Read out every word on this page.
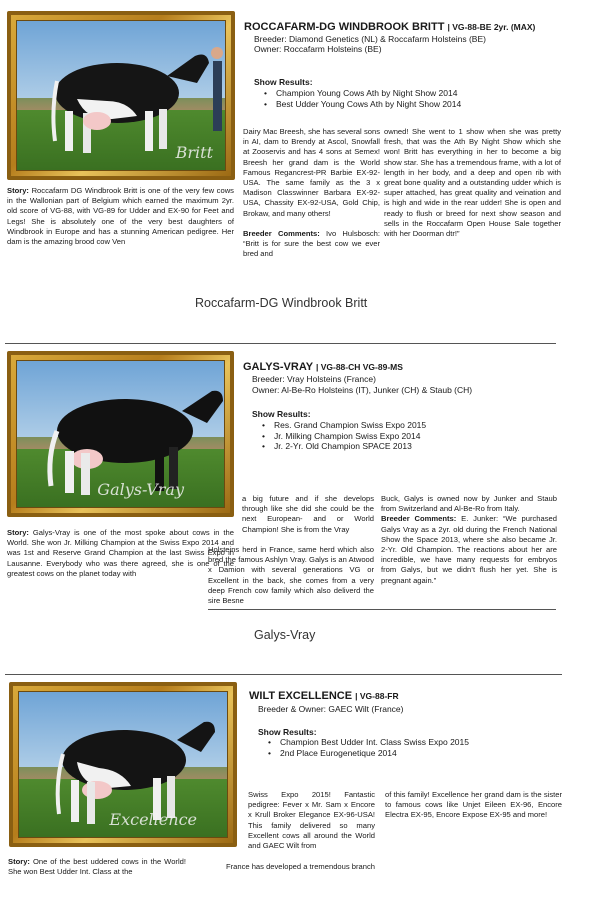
Britt
ROCCAFARM-DG WINDBROOK BRITT | VG-88-BE 2yr. (MAX)
Breeder: Diamond Genetics (NL) & Roccafarm Holsteins (BE)
Owner: Roccafarm Holsteins (BE)
Show Results:
• Champion Young Cows Ath by Night Show 2014
• Best Udder Young Cows Ath by Night Show 2014
Story: Roccafarm DG Windbrook Britt is one of the very few cows in the Wallonian part of Belgium which earned the maximum 2yr. old score of VG-88, with VG-89 for Udder and EX-90 for Feet and Legs! She is absolutely one of the very best daughters of Windbrook in Europe and has a stunning American pedigree. Her dam is the amazing brood cow Ven
Dairy Mac Breesh, she has several sons in AI, dam to Brendy at Ascol, Snowfall at Zooservis and has 4 sons at Semex! Breesh her grand dam is the World Famous Regancrest-PR Barbie EX-92-USA. The same family as the 3 x Madison Classwinner Barbara EX-92-USA, Chassity EX-92-USA, Gold Chip, Brokaw, and many others!

Breeder Comments: Ivo Hulsbosch: “Britt is for sure the best cow we ever bred and
owned! She went to 1 show when she was pretty fresh, that was the Ath By Night Show which she won! Britt has everything in her to become a big show star. She has a tremendous frame, with a lot of length in her body, and a deep and open rib with great bone quality and a outstanding udder which is super attached, has great quality and veination and is high and wide in the rear udder! She is open and ready to flush or breed for next show season and sells in the Roccafarm Open House Sale together with her Doorman dtr!”
Roccafarm-DG Windbrook Britt
Galys-Vray
GALYS-VRAY | VG-88-CH VG-89-MS
Breeder: Vray Holsteins (France)
Owner: Al-Be-Ro Holsteins (IT), Junker (CH) & Staub (CH)
Show Results:
• Res. Grand Champion Swiss Expo 2015
• Jr. Milking Champion Swiss Expo 2014
• Jr. 2-Yr. Old Champion SPACE 2013
Story: Galys-Vray is one of the most spoke about cows in the World. She won Jr. Milking Champion at the Swiss Expo 2014 and was 1st and Reserve Grand Champion at the last Swiss Expo in Lausanne. Everybody who was there agreed, she is one of the greatest cows on the planet today with
a big future and if she develops through like she did she could be the next European- and or World Champion! She is from the Vray
Holsteins herd in France, same herd which also bred the famous Ashlyn Vray. Galys is an Atwood x Damion with several generations VG or Excellent in the back, she comes from a very deep French cow family which also deliverd the sire Besne
Buck, Galys is owned now by Junker and Staub from Switzerland and Al-Be-Ro from Italy.
Breeder Comments: E. Junker: “We purchased Galys Vray as a 2yr. old during the French National Show the Space 2013, where she also became Jr. 2-Yr. Old Champion. The reactions about her are incredible, we have many requests for embryos from Galys, but we didn’t flush her yet. She is pregnant again.”
Galys-Vray
Excellence
WILT EXCELLENCE | VG-88-FR
Breeder & Owner: GAEC Wilt (France)
Show Results:
• Champion Best Udder Int. Class Swiss Expo 2015
• 2nd Place Eurogenetique 2014
Story: One of the best uddered cows in the World! She won Best Udder Int. Class at the
Swiss Expo 2015! Fantastic pedigree: Fever x Mr. Sam x Encore x Krull Broker Elegance EX-96-USA! This family delivered so many Excellent cows all around the World and GAEC Wilt from
France has developed a tremendous branch
of this family! Excellence her grand dam is the sister to famous cows like Unjet Eileen EX-96, Encore Electra EX-95, Encore Expose EX-95 and more!
